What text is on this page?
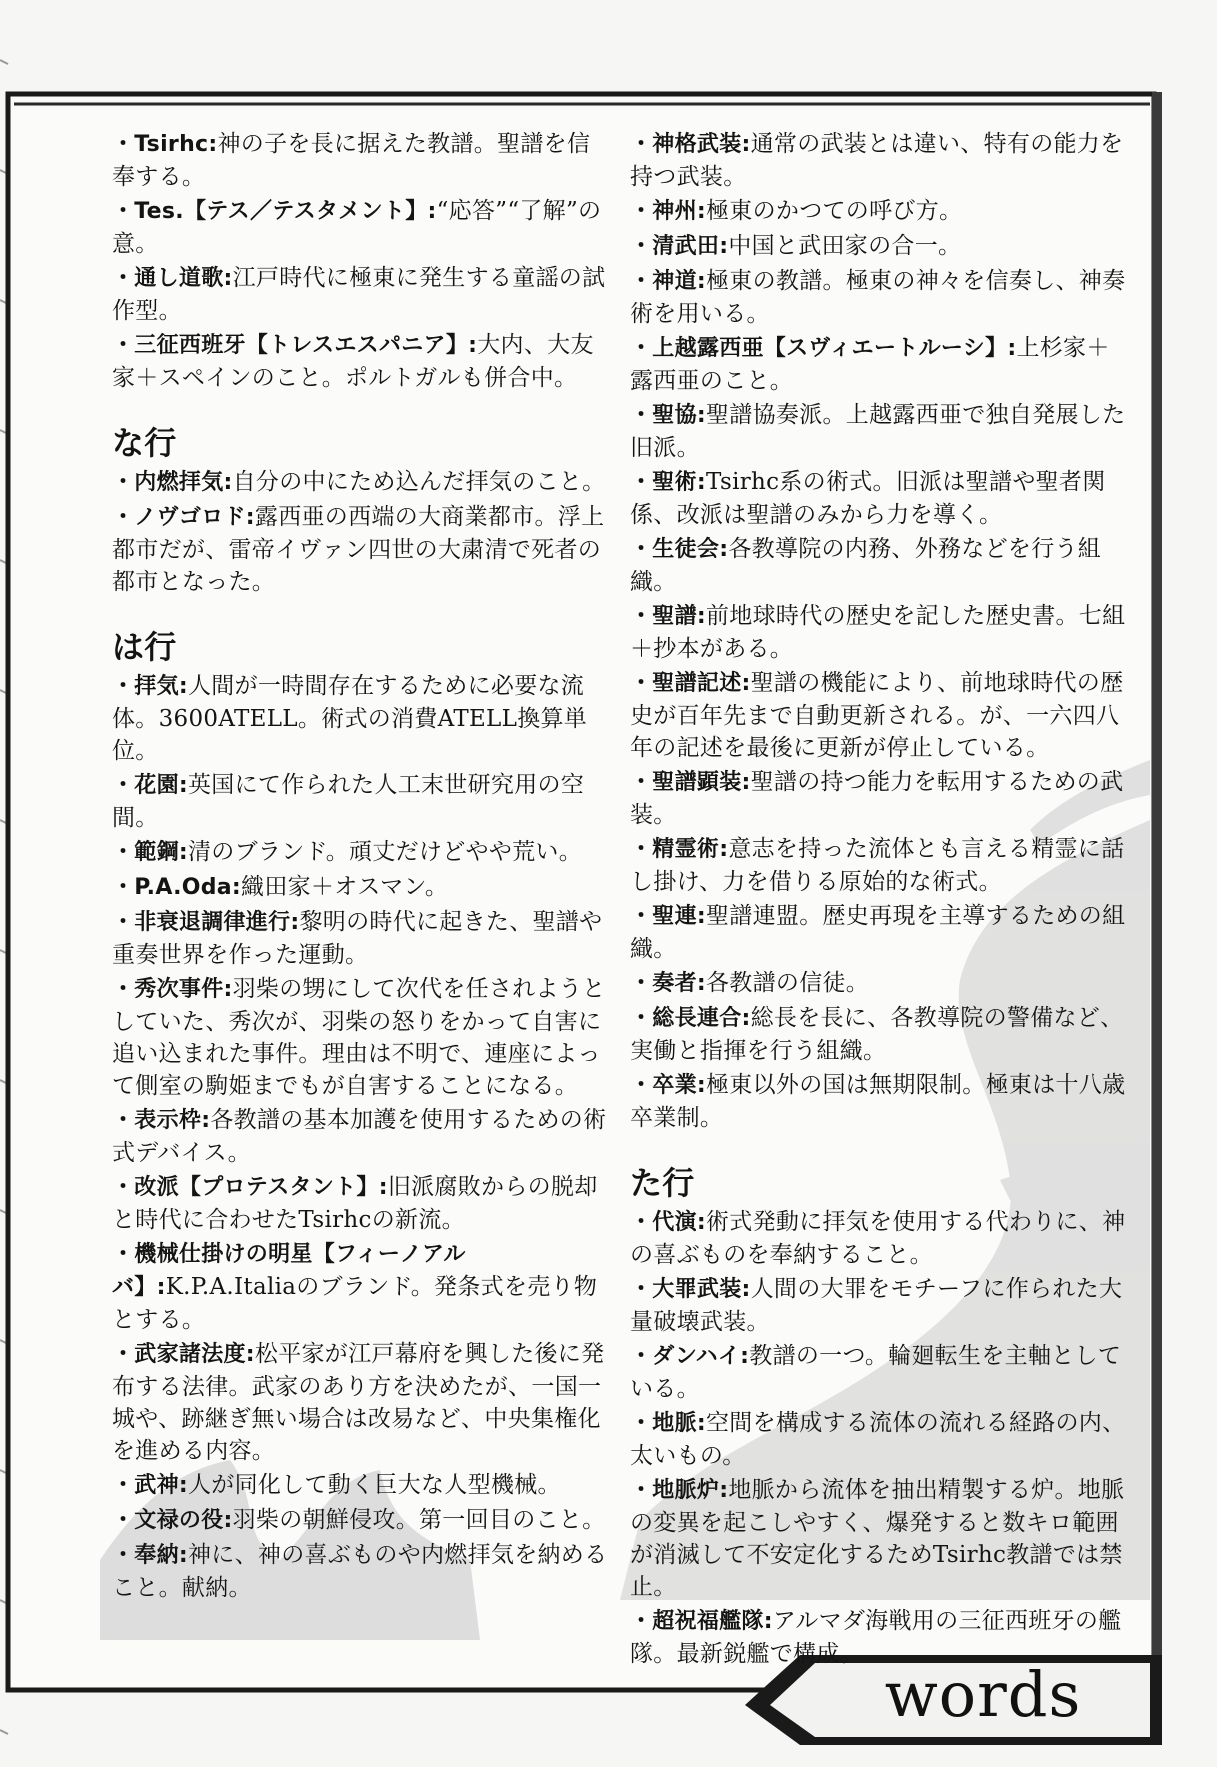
・Tsirhc:神の子を長に据えた教譜。聖譜を信奉する。
・Tes.【テス／テスタメント】:“応答”“了解”の意。
・通し道歌:江戸時代に極東に発生する童謡の試作型。
・三征西班牙【トレスエスパニア】:大内、大友家＋スペインのこと。ポルトガルも併合中。
な行
・内燃拝気:自分の中にため込んだ拝気のこと。
・ノヴゴロド:露西亜の西端の大商業都市。浮上都市だが、雷帝イヴァン四世の大粛清で死者の都市となった。
は行
・拝気:人間が一時間存在するために必要な流体。3600ATELL。術式の消費ATELL換算単位。
・花園:英国にて作られた人工末世研究用の空間。
・範鋼:清のブランド。頑丈だけどやや荒い。
・P.A.Oda:織田家＋オスマン。
・非衰退調律進行:黎明の時代に起きた、聖譜や重奏世界を作った運動。
・秀次事件:羽柴の甥にして次代を任されようとしていた、秀次が、羽柴の怒りをかって自害に追い込まれた事件。理由は不明で、連座によって側室の駒姫までもが自害することになる。
・表示枠:各教譜の基本加護を使用するための術式デバイス。
・改派【プロテスタント】:旧派腐敗からの脱却と時代に合わせたTsirhcの新流。
・機械仕掛けの明星【フィーノアルバ】:K.P.A.Italiaのブランド。発条式を売り物とする。
・武家諸法度:松平家が江戸幕府を興した後に発布する法律。武家のあり方を決めたが、一国一城や、跡継ぎ無い場合は改易など、中央集権化を進める内容。
・武神:人が同化して動く巨大な人型機械。
・文禄の役:羽柴の朝鮮侵攻。第一回目のこと。
・奉納:神に、神の喜ぶものや内燃拝気を納めること。献納。
・神格武装:通常の武装とは違い、特有の能力を持つ武装。
・神州:極東のかつての呼び方。
・清武田:中国と武田家の合一。
・神道:極東の教譜。極東の神々を信奏し、神奏術を用いる。
・上越露西亜【スヴィエートルーシ】:上杉家＋露西亜のこと。
・聖協:聖譜協奏派。上越露西亜で独自発展した旧派。
・聖術:Tsirhc系の術式。旧派は聖譜や聖者関係、改派は聖譜のみから力を導く。
・生徒会:各教導院の内務、外務などを行う組織。
・聖譜:前地球時代の歴史を記した歴史書。七組＋抄本がある。
・聖譜記述:聖譜の機能により、前地球時代の歴史が百年先まで自動更新される。が、一六四八年の記述を最後に更新が停止している。
・聖譜顕装:聖譜の持つ能力を転用するための武装。
・精霊術:意志を持った流体とも言える精霊に話し掛け、力を借りる原始的な術式。
・聖連:聖譜連盟。歴史再現を主導するための組織。
・奏者:各教譜の信徒。
・総長連合:総長を長に、各教導院の警備など、実働と指揮を行う組織。
・卒業:極東以外の国は無期限制。極東は十八歳卒業制。
た行
・代演:術式発動に拝気を使用する代わりに、神の喜ぶものを奉納すること。
・大罪武装:人間の大罪をモチーフに作られた大量破壊武装。
・ダンハイ:教譜の一つ。輪廻転生を主軸としている。
・地脈:空間を構成する流体の流れる経路の内、太いもの。
・地脈炉:地脈から流体を抽出精製する炉。地脈の変異を起こしやすく、爆発すると数キロ範囲が消滅して不安定化するためTsirhc教譜では禁止。
・超祝福艦隊:アルマダ海戦用の三征西班牙の艦隊。最新鋭艦で構成。
words
